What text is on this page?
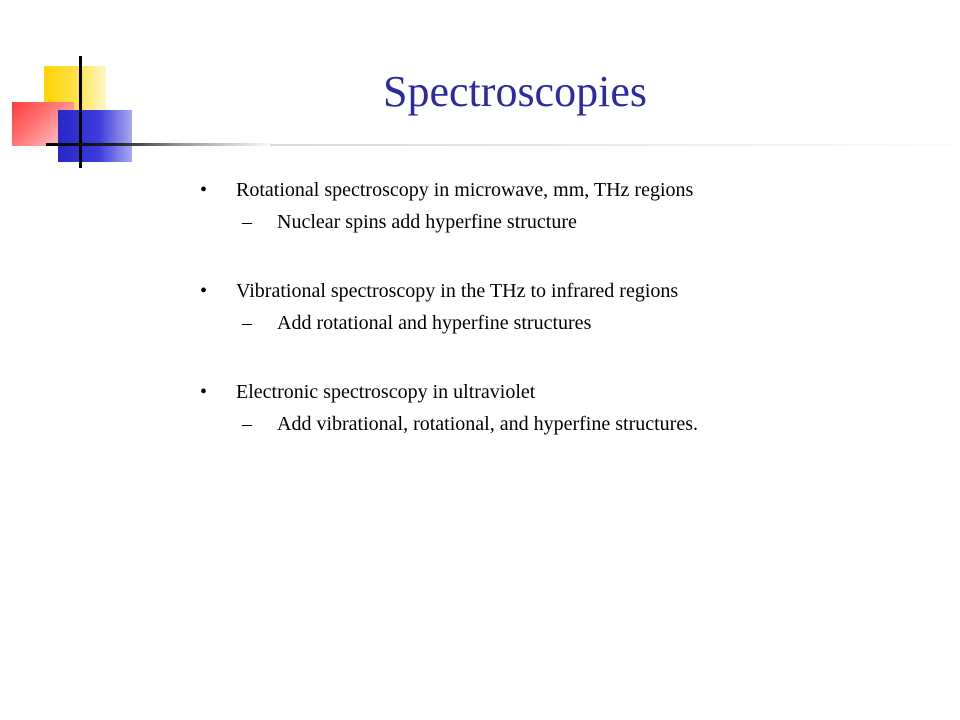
Spectroscopies
• Rotational spectroscopy in microwave, mm, THz regions
– Nuclear spins add hyperfine structure
• Vibrational spectroscopy in the THz to infrared regions
– Add rotational and hyperfine structures
• Electronic spectroscopy in ultraviolet
– Add vibrational, rotational, and hyperfine structures.
